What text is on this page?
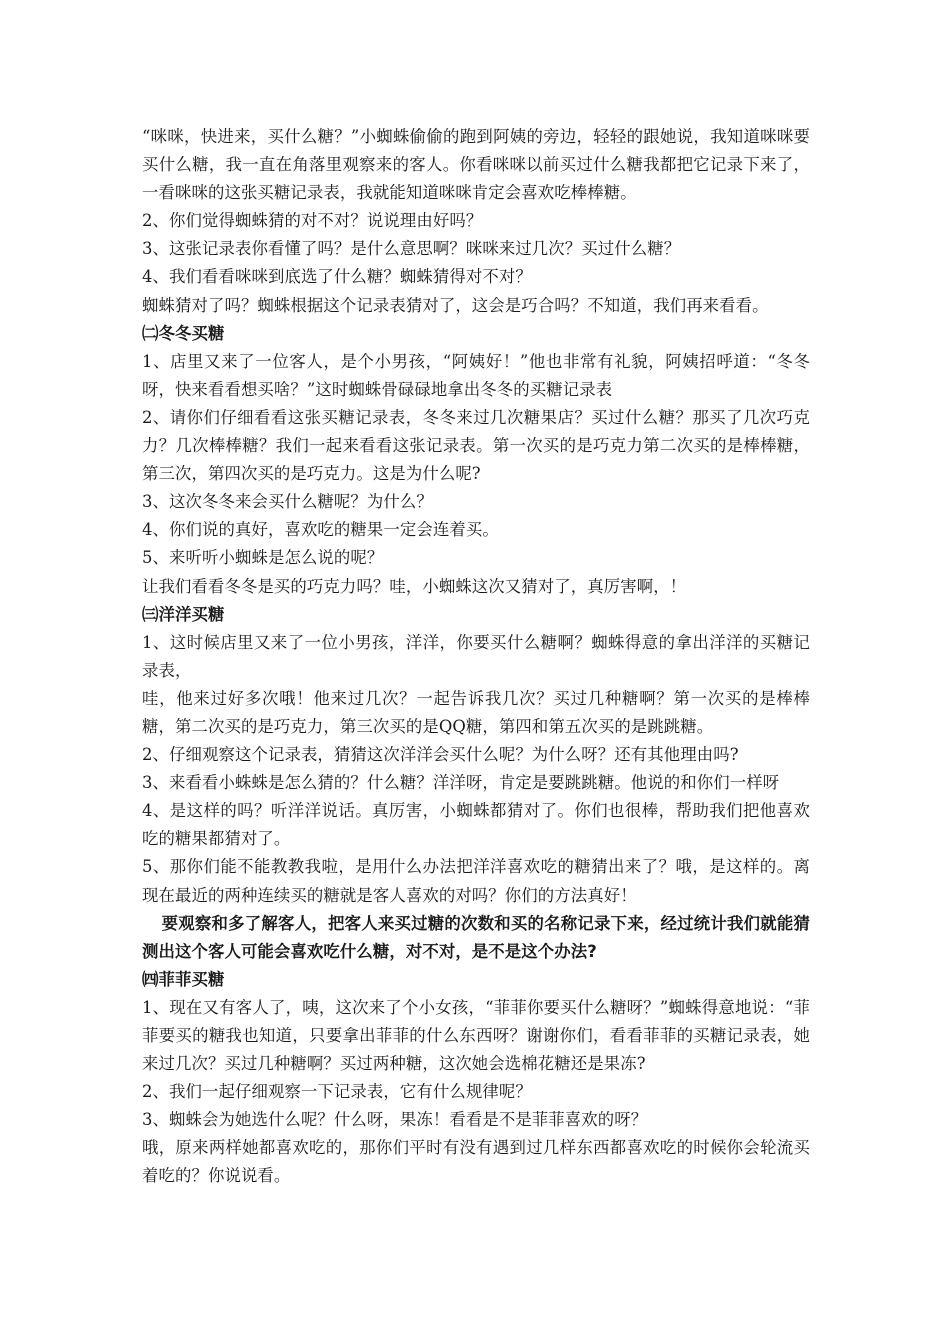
“咪咪，快进来，买什么糖？”小蜘蛛偷偷的跑到阿姨的旁边，轻轻的跟她说，我知道咪咪要买什么糖，我一直在角落里观察来的客人。你看咪咪以前买过什么糖我都把它记录下来了，一看咪咪的这张买糖记录表，我就能知道咪咪肯定会喜欢吃棒棒糖。

2、你们觉得蜘蛛猜的对不对？说说理由好吗？

3、这张记录表你看懂了吗？是什么意思啊？咪咪来过几次？买过什么糖？

4、我们看看咪咪到底选了什么糖？蜘蛛猜得对不对？

蜘蛛猜对了吗？蜘蛛根据这个记录表猜对了，这会是巧合吗？不知道，我们再来看看。

㈡冬冬买糖

1、店里又来了一位客人，是个小男孩，“阿姨好！”他也非常有礼貌，阿姨招呼道：“冬冬呀，快来看看想买啥？”这时蜘蛛骨碌碌地拿出冬冬的买糖记录表

2、请你们仔细看看这张买糖记录表，冬冬来过几次糖果店？买过什么糖？那买了几次巧克力？几次棒棒糖？我们一起来看看这张记录表。第一次买的是巧克力第二次买的是棒棒糖，第三次，第四次买的是巧克力。这是为什么呢?

3、这次冬冬来会买什么糖呢？为什么？

4、你们说的真好，喜欢吃的糖果一定会连着买。

5、来听听小蜘蛛是怎么说的呢？

让我们看看冬冬是买的巧克力吗？哇，小蜘蛛这次又猜对了，真厉害啊，！

㈢洋洋买糖

1、这时候店里又来了一位小男孩，洋洋，你要买什么糖啊？蜘蛛得意的拿出洋洋的买糖记录表，

哇，他来过好多次哦！他来过几次？一起告诉我几次？买过几种糖啊？第一次买的是棒棒糖，第二次买的是巧克力，第三次买的是QQ糖，第四和第五次买的是跳跳糖。

2、仔细观察这个记录表，猜猜这次洋洋会买什么呢？为什么呀？还有其他理由吗?

3、来看看小蛛蛛是怎么猜的？什么糖？洋洋呀，肯定是要跳跳糖。他说的和你们一样呀

4、是这样的吗？听洋洋说话。真厉害，小蜘蛛都猜对了。你们也很棒，帮助我们把他喜欢吃的糖果都猜对了。

5、那你们能不能教教我啦，是用什么办法把洋洋喜欢吃的糖猜出来了？哦，是这样的。离现在最近的两种连续买的糖就是客人喜欢的对吗？你们的方法真好！

要观察和多了解客人，把客人来买过糖的次数和买的名称记录下来，经过统计我们就能猜测出这个客人可能会喜欢吃什么糖，对不对，是不是这个办法?

㈣菲菲买糖

1、现在又有客人了，咦，这次来了个小女孩，“菲菲你要买什么糖呀？”蜘蛛得意地说：“菲菲要买的糖我也知道，只要拿出菲菲的什么东西呀？谢谢你们，看看菲菲的买糖记录表，她来过几次？买过几种糖啊？买过两种糖，这次她会选棉花糖还是果冻?

2、我们一起仔细观察一下记录表，它有什么规律呢？

3、蜘蛛会为她选什么呢？什么呀，果冻！看看是不是菲菲喜欢的呀？

哦，原来两样她都喜欢吃的，那你们平时有没有遇到过几样东西都喜欢吃的时候你会轮流买着吃的？你说说看。
